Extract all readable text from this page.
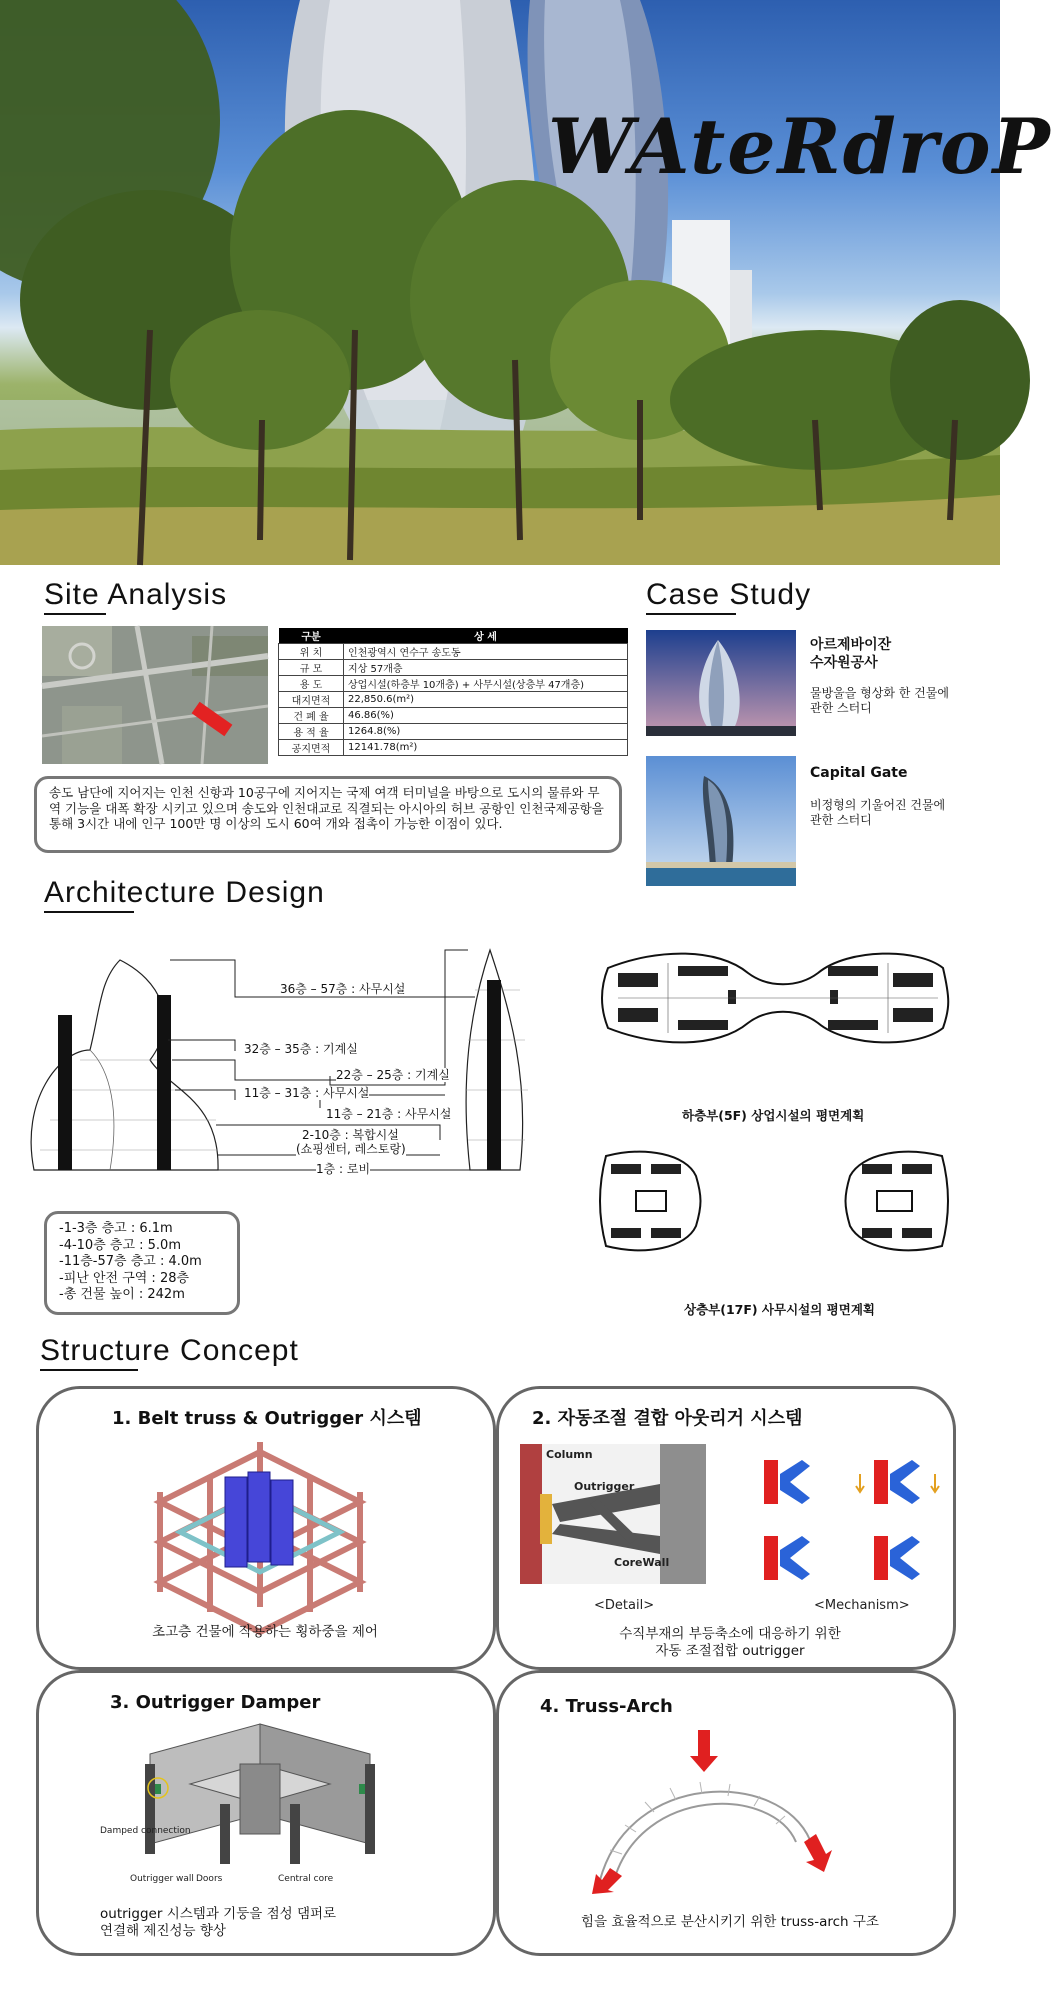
WAteRdroP
Site Analysis
구분	상 세
위 치	인천광역시 연수구 송도동
규 모	지상 57개층
용 도	상업시설(하층부 10개층) + 사무시설(상층부 47개층)
대지면적	22,850.6(m²)
건 폐 율	46.86(%)
용 적 율	1264.8(%)
공지면적	12141.78(m²)
송도 남단에 지어지는 인천 신항과 10공구에 지어지는 국제 여객 터미널을 바탕으로 도시의 물류와 무역 기능을 대폭 확장 시키고 있으며 송도와 인천대교로 직결되는 아시아의 허브 공항인 인천국제공항을 통해 3시간 내에 인구 100만 명 이상의 도시 60여 개와 접촉이 가능한 이점이 있다.
Case Study
아르제바이잔
수자원공사
물방울을 형상화 한 건물에
관한 스터디
Capital Gate
비정형의 기울어진 건물에
관한 스터디
Architecture Design
36층 – 57층 : 사무시설
32층 – 35층 : 기계실
22층 – 25층 : 기계실
11층 – 31층 : 사무시설
11층 – 21층 : 사무시설
2-10층 : 복합시설
(쇼핑센터, 레스토랑)
1층 : 로비
하층부(5F) 상업시설의 평면계획
상층부(17F) 사무시설의 평면계획
-1-3층 층고 : 6.1m
-4-10층 층고 : 5.0m
-11층-57층 층고 : 4.0m
-피난 안전 구역 : 28층
-총 건물 높이 : 242m
Structure Concept
1. Belt truss & Outrigger 시스템
초고층 건물에 작용하는 횡하중을 제어
2. 자동조절 결합 아웃리거 시스템
Column
Outrigger
CoreWall
<Detail>	<Mechanism>
수직부재의 부등축소에 대응하기 위한
자동 조절접합 outrigger
3. Outrigger Damper
Damped connection
Outrigger wall Doors	Central core
outrigger 시스템과 기둥을 점성 댐퍼로
연결해 제진성능 향상
4. Truss-Arch
힘을 효율적으로 분산시키기 위한 truss-arch 구조
